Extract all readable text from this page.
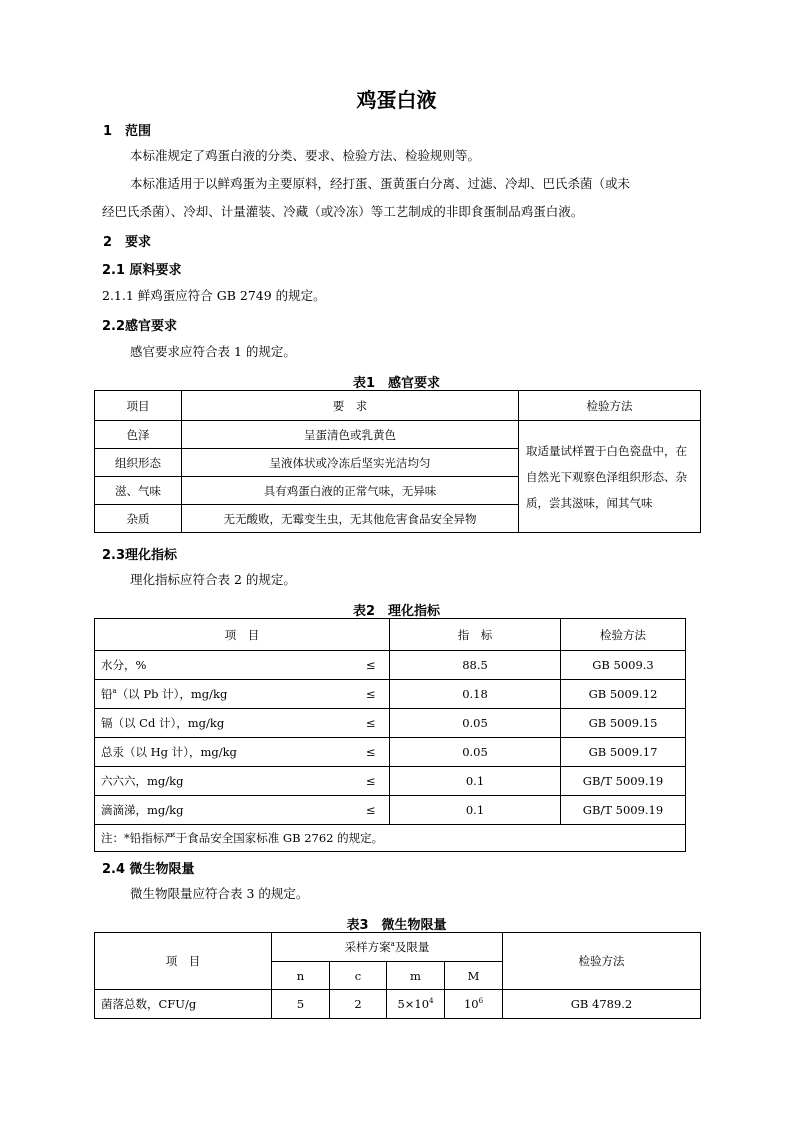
鸡蛋白液
1　范围
本标准规定了鸡蛋白液的分类、要求、检验方法、检验规则等。
本标准适用于以鲜鸡蛋为主要原料，经打蛋、蛋黄蛋白分离、过滤、冷却、巴氏杀菌（或未
经巴氏杀菌）、冷却、计量灌装、冷藏（或冷冻）等工艺制成的非即食蛋制品鸡蛋白液。
2　要求
2.1 原料要求
2.1.1 鲜鸡蛋应符合 GB 2749 的规定。
2.2感官要求
感官要求应符合表 1 的规定。
表1　感官要求
项目	要　求	检验方法
色泽	呈蛋清色或乳黄色	取适量试样置于白色瓷盘中，在
自然光下观察色泽组织形态、杂
质，尝其滋味，闻其气味

组织形态	呈液体状或冷冻后坚实光洁均匀	
滋、气味	具有鸡蛋白液的正常气味，无异味	
杂质	无无酸败，无霉变生虫，无其他危害食品安全异物	
2.3理化指标
理化指标应符合表 2 的规定。
表2　理化指标
项　目		指　标	检验方法
水分，%	≤	88.5	GB 5009.3
铅$^a$（以 Pb 计），mg/kg	≤	0.18	GB 5009.12
镉（以 Cd 计），mg/kg	≤	0.05	GB 5009.15
总汞（以 Hg 计），mg/kg	≤	0.05	GB 5009.17
六六六，mg/kg	≤	0.1	GB/T 5009.19
滴滴涕，mg/kg	≤	0.1	GB/T 5009.19
注：*铅指标严于食品安全国家标准 GB 2762 的规定。			
2.4 微生物限量
微生物限量应符合表 3 的规定。
表3　微生物限量
项　目	采样方案$^a$及限量				检验方法
	n	c	m	M	
菌落总数，CFU/g	5	2	$5\times 10^4$	$10^6$	GB 4789.2
